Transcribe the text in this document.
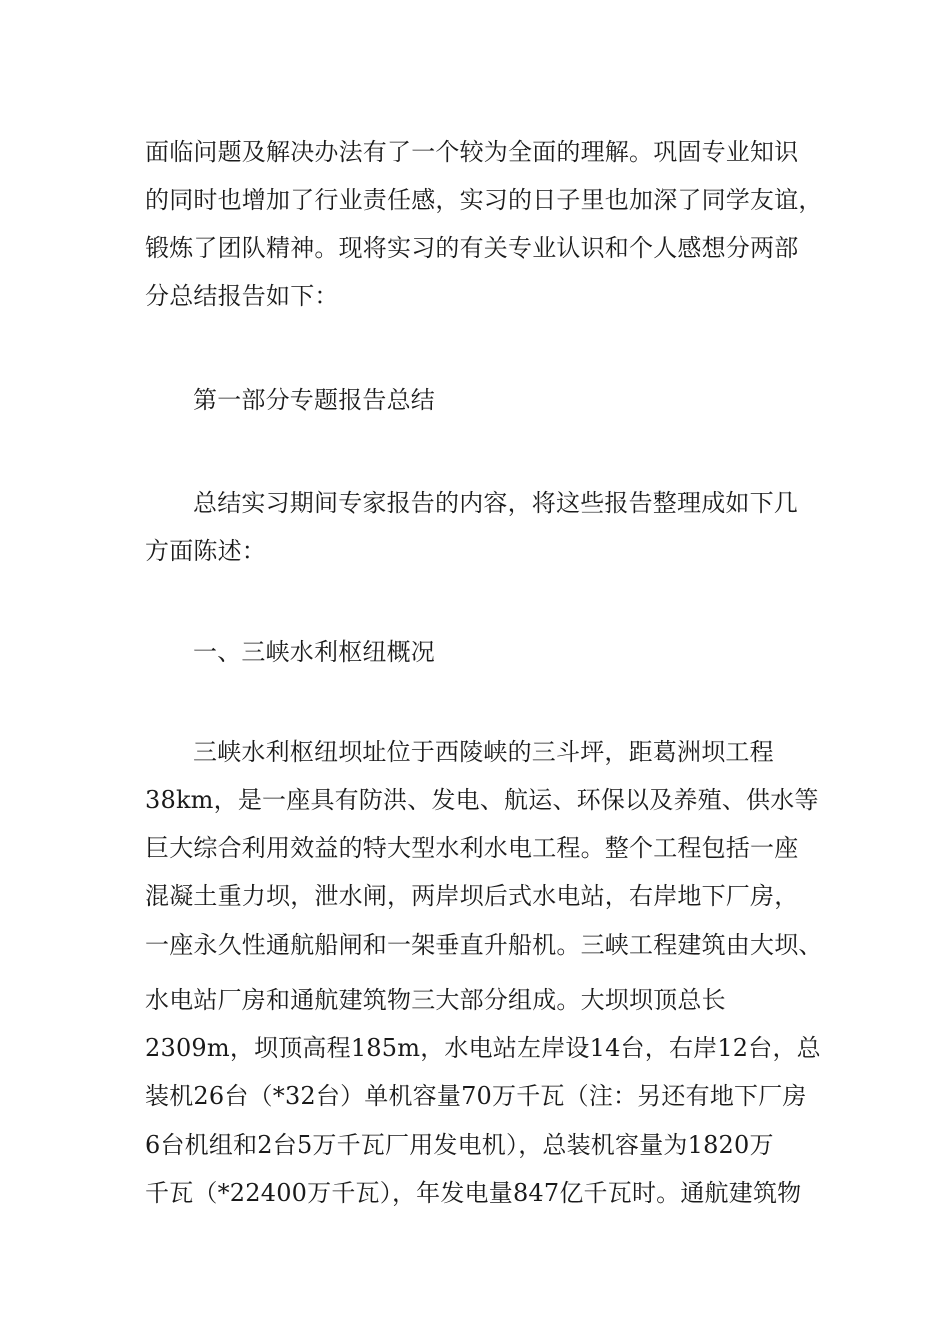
面临问题及解决办法有了一个较为全面的理解。巩固专业知识
的同时也增加了行业责任感，实习的日子里也加深了同学友谊，
锻炼了团队精神。现将实习的有关专业认识和个人感想分两部
分总结报告如下：
第一部分专题报告总结
总结实习期间专家报告的内容，将这些报告整理成如下几
方面陈述：
一、三峡水利枢纽概况
三峡水利枢纽坝址位于西陵峡的三斗坪，距葛洲坝工程
38km，是一座具有防洪、发电、航运、环保以及养殖、供水等
巨大综合利用效益的特大型水利水电工程。整个工程包括一座
混凝土重力坝，泄水闸，两岸坝后式水电站，右岸地下厂房，
一座永久性通航船闸和一架垂直升船机。三峡工程建筑由大坝、
水电站厂房和通航建筑物三大部分组成。大坝坝顶总长
2309m，坝顶高程185m，水电站左岸设14台，右岸12台，总
装机26台（*32台）单机容量70万千瓦（注：另还有地下厂房
6台机组和2台5万千瓦厂用发电机），总装机容量为1820万
千瓦（*22400万千瓦），年发电量847亿千瓦时。通航建筑物
